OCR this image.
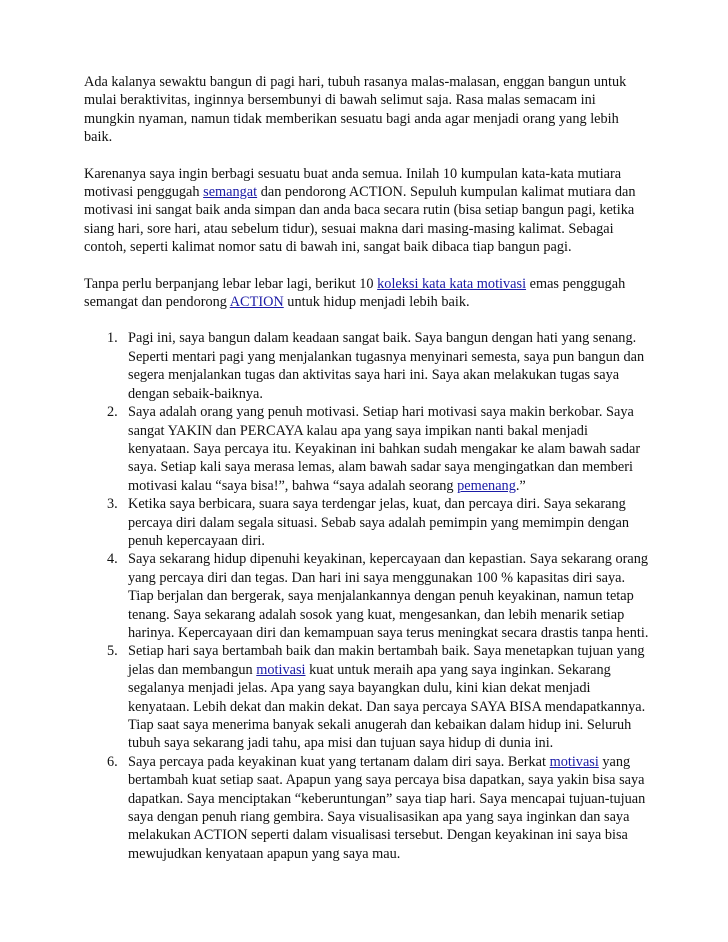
Ada kalanya sewaktu bangun di pagi hari, tubuh rasanya malas-malasan, enggan bangun untuk mulai beraktivitas, inginnya bersembunyi di bawah selimut saja. Rasa malas semacam ini mungkin nyaman, namun tidak memberikan sesuatu bagi anda agar menjadi orang yang lebih baik.

Karenanya saya ingin berbagi sesuatu buat anda semua. Inilah 10 kumpulan kata-kata mutiara motivasi penggugah semangat dan pendorong ACTION. Sepuluh kumpulan kalimat mutiara dan motivasi ini sangat baik anda simpan dan anda baca secara rutin (bisa setiap bangun pagi, ketika siang hari, sore hari, atau sebelum tidur), sesuai makna dari masing-masing kalimat. Sebagai contoh, seperti kalimat nomor satu di bawah ini, sangat baik dibaca tiap bangun pagi.

Tanpa perlu berpanjang lebar lebar lagi, berikut 10 koleksi kata kata motivasi emas penggugah semangat dan pendorong ACTION untuk hidup menjadi lebih baik.

1. Pagi ini, saya bangun dalam keadaan sangat baik. Saya bangun dengan hati yang senang. Seperti mentari pagi yang menjalankan tugasnya menyinari semesta, saya pun bangun dan segera menjalankan tugas dan aktivitas saya hari ini. Saya akan melakukan tugas saya dengan sebaik-baiknya.
2. Saya adalah orang yang penuh motivasi. Setiap hari motivasi saya makin berkobar. Saya sangat YAKIN dan PERCAYA kalau apa yang saya impikan nanti bakal menjadi kenyataan. Saya percaya itu. Keyakinan ini bahkan sudah mengakar ke alam bawah sadar saya. Setiap kali saya merasa lemas, alam bawah sadar saya mengingatkan dan memberi motivasi kalau “saya bisa!”, bahwa “saya adalah seorang pemenang.”
3. Ketika saya berbicara, suara saya terdengar jelas, kuat, dan percaya diri. Saya sekarang percaya diri dalam segala situasi. Sebab saya adalah pemimpin yang memimpin dengan penuh kepercayaan diri.
4. Saya sekarang hidup dipenuhi keyakinan, kepercayaan dan kepastian. Saya sekarang orang yang percaya diri dan tegas. Dan hari ini saya menggunakan 100 % kapasitas diri saya. Tiap berjalan dan bergerak, saya menjalankannya dengan penuh keyakinan, namun tetap tenang. Saya sekarang adalah sosok yang kuat, mengesankan, dan lebih menarik setiap harinya. Kepercayaan diri dan kemampuan saya terus meningkat secara drastis tanpa henti.
5. Setiap hari saya bertambah baik dan makin bertambah baik. Saya menetapkan tujuan yang jelas dan membangun motivasi kuat untuk meraih apa yang saya inginkan. Sekarang segalanya menjadi jelas. Apa yang saya bayangkan dulu, kini kian dekat menjadi kenyataan. Lebih dekat dan makin dekat. Dan saya percaya SAYA BISA mendapatkannya. Tiap saat saya menerima banyak sekali anugerah dan kebaikan dalam hidup ini. Seluruh tubuh saya sekarang jadi tahu, apa misi dan tujuan saya hidup di dunia ini.
6. Saya percaya pada keyakinan kuat yang tertanam dalam diri saya. Berkat motivasi yang bertambah kuat setiap saat. Apapun yang saya percaya bisa dapatkan, saya yakin bisa saya dapatkan. Saya menciptakan “keberuntungan” saya tiap hari. Saya mencapai tujuan-tujuan saya dengan penuh riang gembira. Saya visualisasikan apa yang saya inginkan dan saya melakukan ACTION seperti dalam visualisasi tersebut. Dengan keyakinan ini saya bisa mewujudkan kenyataan apapun yang saya mau.
